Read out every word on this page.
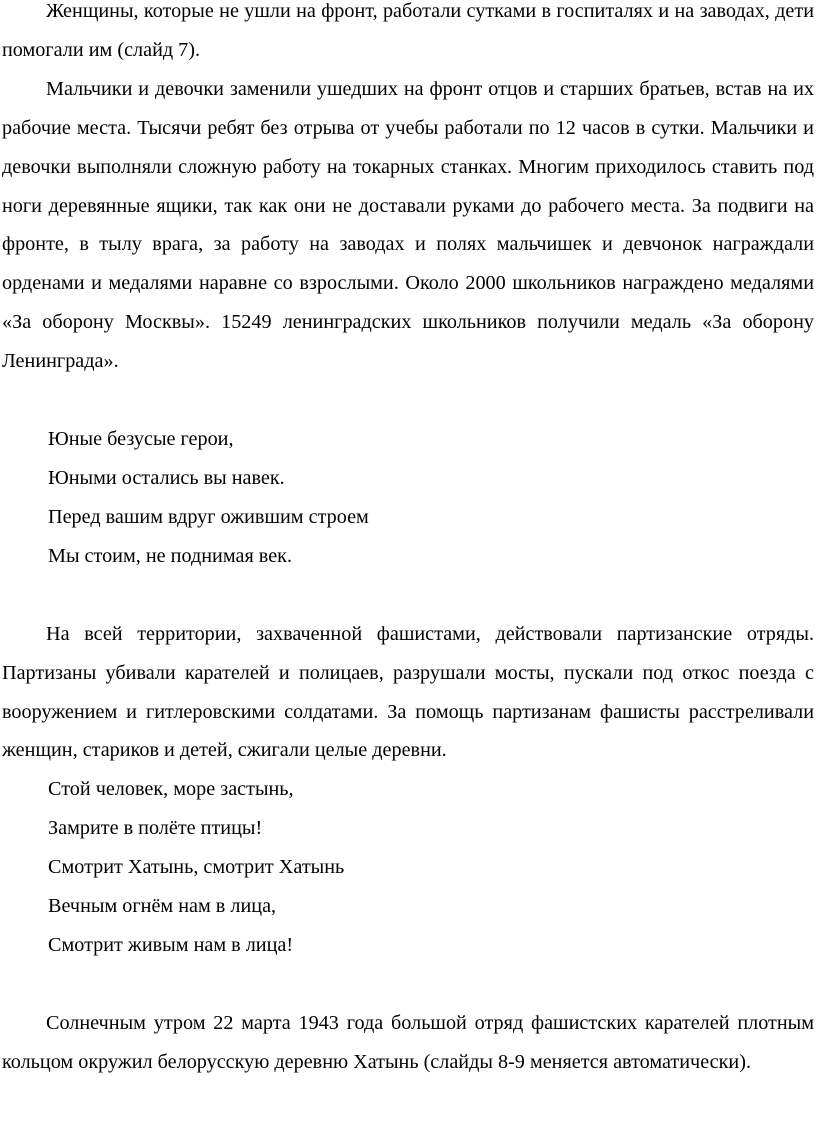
Женщины, которые не ушли на фронт, работали сутками в госпиталях и на заводах, дети помогали им (слайд 7).

Мальчики и девочки заменили ушедших на фронт отцов и старших братьев, встав на их рабочие места. Тысячи ребят без отрыва от учебы работали по 12 часов в сутки. Мальчики и девочки выполняли сложную работу на токарных станках. Многим приходилось ставить под ноги деревянные ящики, так как они не доставали руками до рабочего места. За подвиги на фронте, в тылу врага, за работу на заводах и полях мальчишек и девчонок награждали орденами и медалями наравне со взрослыми. Около 2000 школьников награждено медалями «За оборону Москвы». 15249 ленинградских школьников получили медаль «За оборону Ленинграда».

Юные безусые герои,

Юными остались вы навек.

Перед вашим вдруг ожившим строем

Мы стоим, не поднимая век.

На всей территории, захваченной фашистами, действовали партизанские отряды. Партизаны убивали карателей и полицаев, разрушали мосты, пускали под откос поезда с вооружением и гитлеровскими солдатами. За помощь партизанам фашисты расстреливали женщин, стариков и детей, сжигали целые деревни.

Стой человек, море застынь,

Замрите в полёте птицы!

Смотрит Хатынь, смотрит Хатынь

Вечным огнём нам в лица,

Смотрит живым нам в лица!

Солнечным утром 22 марта 1943 года большой отряд фашистских карателей плотным кольцом окружил белорусскую деревню Хатынь (слайды 8-9 меняется автоматически).
